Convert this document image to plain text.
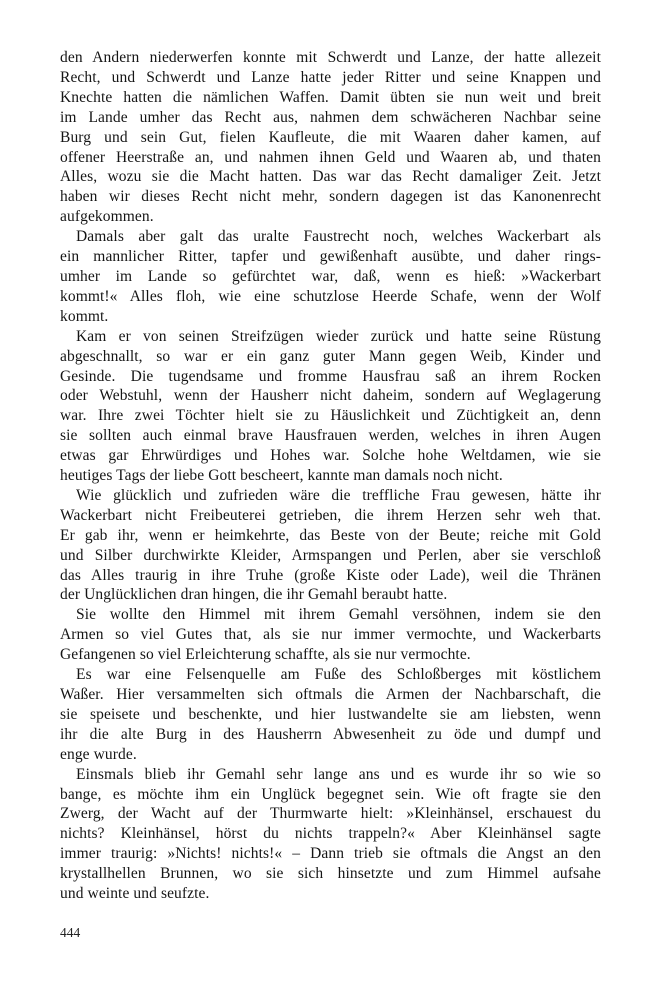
den Andern niederwerfen konnte mit Schwerdt und Lanze, der hatte allezeit
Recht, und Schwerdt und Lanze hatte jeder Ritter und seine Knappen und
Knechte hatten die nämlichen Waffen. Damit übten sie nun weit und breit
im Lande umher das Recht aus, nahmen dem schwächeren Nachbar seine
Burg und sein Gut, fielen Kaufleute, die mit Waaren daher kamen, auf
offener Heerstraße an, und nahmen ihnen Geld und Waaren ab, und thaten
Alles, wozu sie die Macht hatten. Das war das Recht damaliger Zeit. Jetzt
haben wir dieses Recht nicht mehr, sondern dagegen ist das Kanonenrecht
aufgekommen.
Damals aber galt das uralte Faustrecht noch, welches Wackerbart als
ein mannlicher Ritter, tapfer und gewißenhaft ausübte, und daher rings-
umher im Lande so gefürchtet war, daß, wenn es hieß: »Wackerbart
kommt!« Alles floh, wie eine schutzlose Heerde Schafe, wenn der Wolf
kommt.
Kam er von seinen Streifzügen wieder zurück und hatte seine Rüstung
abgeschnallt, so war er ein ganz guter Mann gegen Weib, Kinder und
Gesinde. Die tugendsame und fromme Hausfrau saß an ihrem Rocken
oder Webstuhl, wenn der Hausherr nicht daheim, sondern auf Weglagerung
war. Ihre zwei Töchter hielt sie zu Häuslichkeit und Züchtigkeit an, denn
sie sollten auch einmal brave Hausfrauen werden, welches in ihren Augen
etwas gar Ehrwürdiges und Hohes war. Solche hohe Weltdamen, wie sie
heutiges Tags der liebe Gott bescheert, kannte man damals noch nicht.
Wie glücklich und zufrieden wäre die treffliche Frau gewesen, hätte ihr
Wackerbart nicht Freibeuterei getrieben, die ihrem Herzen sehr weh that.
Er gab ihr, wenn er heimkehrte, das Beste von der Beute; reiche mit Gold
und Silber durchwirkte Kleider, Armspangen und Perlen, aber sie verschloß
das Alles traurig in ihre Truhe (große Kiste oder Lade), weil die Thränen
der Unglücklichen dran hingen, die ihr Gemahl beraubt hatte.
Sie wollte den Himmel mit ihrem Gemahl versöhnen, indem sie den
Armen so viel Gutes that, als sie nur immer vermochte, und Wackerbarts
Gefangenen so viel Erleichterung schaffte, als sie nur vermochte.
Es war eine Felsenquelle am Fuße des Schloßberges mit köstlichem
Waßer. Hier versammelten sich oftmals die Armen der Nachbarschaft, die
sie speisete und beschenkte, und hier lustwandelte sie am liebsten, wenn
ihr die alte Burg in des Hausherrn Abwesenheit zu öde und dumpf und
enge wurde.
Einsmals blieb ihr Gemahl sehr lange ans und es wurde ihr so wie so
bange, es möchte ihm ein Unglück begegnet sein. Wie oft fragte sie den
Zwerg, der Wacht auf der Thurmwarte hielt: »Kleinhänsel, erschauest du
nichts? Kleinhänsel, hörst du nichts trappeln?« Aber Kleinhänsel sagte
immer traurig: »Nichts! nichts!« – Dann trieb sie oftmals die Angst an den
krystallhellen Brunnen, wo sie sich hinsetzte und zum Himmel aufsahe
und weinte und seufzte.
444
